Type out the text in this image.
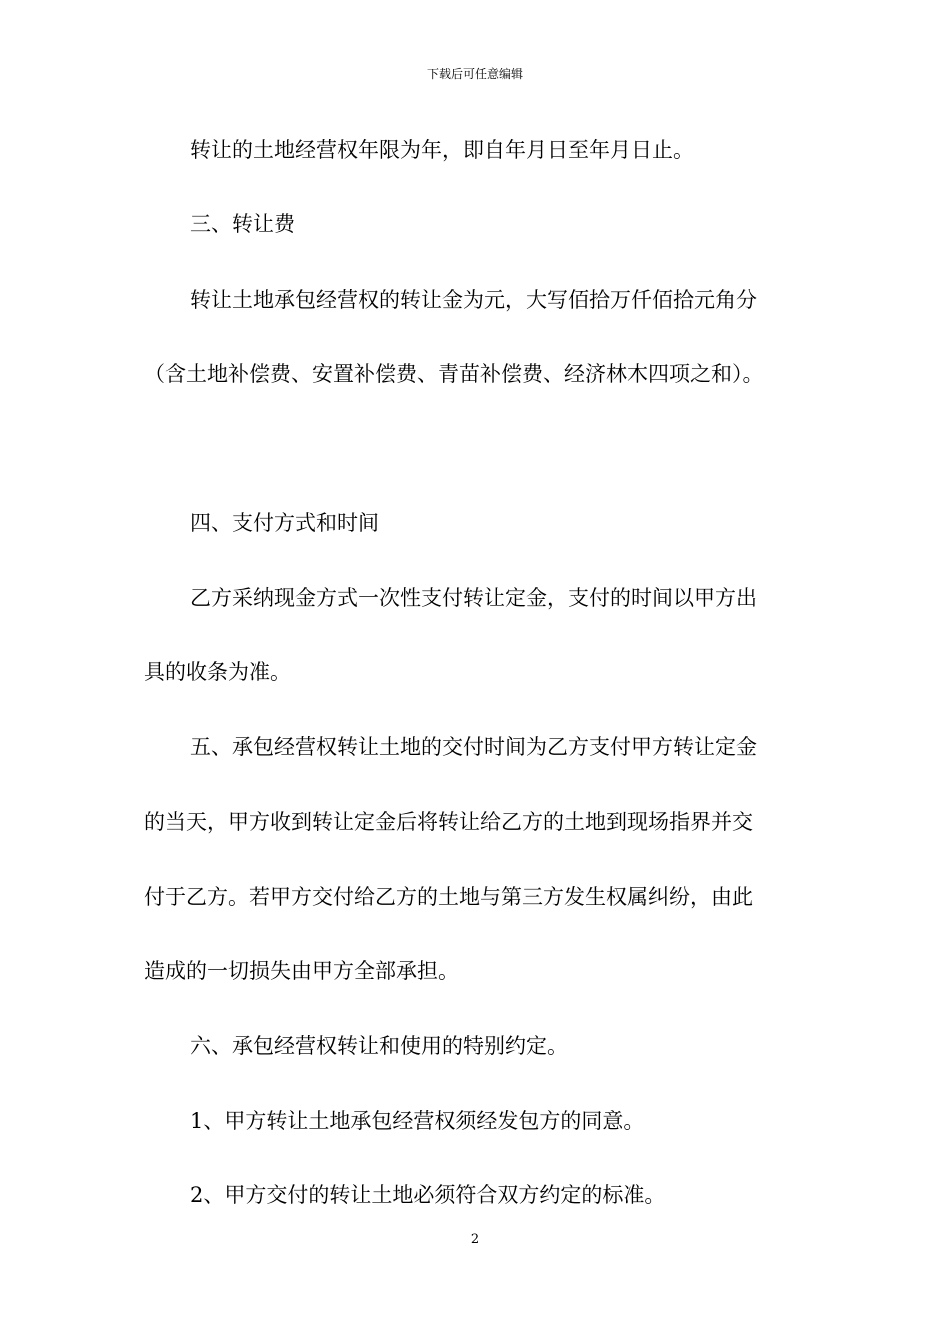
下载后可任意编辑
转让的土地经营权年限为年，即自年月日至年月日止。
三、转让费
转让土地承包经营权的转让金为元，大写佰拾万仟佰拾元角分
（含土地补偿费、安置补偿费、青苗补偿费、经济林木四项之和）。
四、支付方式和时间
乙方采纳现金方式一次性支付转让定金，支付的时间以甲方出
具的收条为准。
五、承包经营权转让土地的交付时间为乙方支付甲方转让定金
的当天，甲方收到转让定金后将转让给乙方的土地到现场指界并交
付于乙方。若甲方交付给乙方的土地与第三方发生权属纠纷，由此
造成的一切损失由甲方全部承担。
六、承包经营权转让和使用的特别约定。
1、甲方转让土地承包经营权须经发包方的同意。
2、甲方交付的转让土地必须符合双方约定的标准。
2
